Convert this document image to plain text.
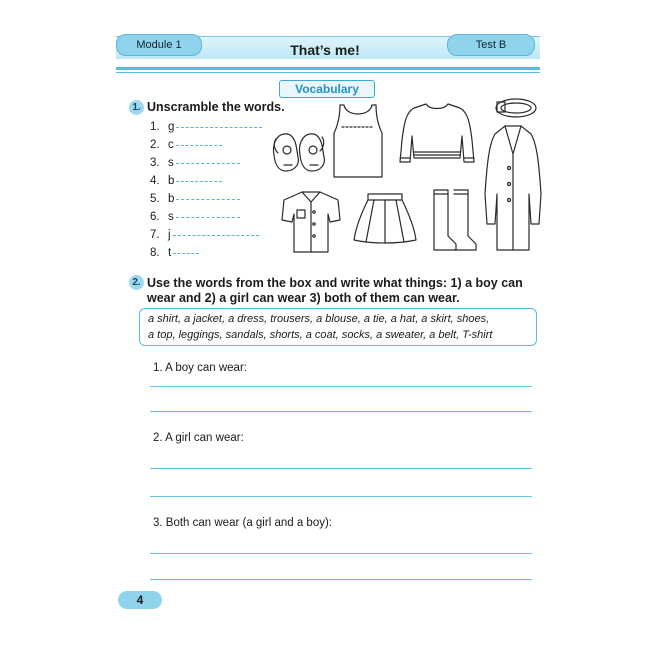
Module 1	Test B
That’s me!
Vocabulary
1. Unscramble the words.
1. g
2. c
3. s
4. b
5. b
6. s
7. j
8. t
2. Use the words from the box and write what things: 1) a boy can
wear and 2) a girl can wear 3) both of them can wear.
a shirt, a jacket, a dress, trousers, a blouse, a tie, a hat, a skirt, shoes,
a top, leggings, sandals, shorts, a coat, socks, a sweater, a belt, T-shirt
1. A boy can wear:
2. A girl can wear:
3. Both can wear (a girl and a boy):
4
